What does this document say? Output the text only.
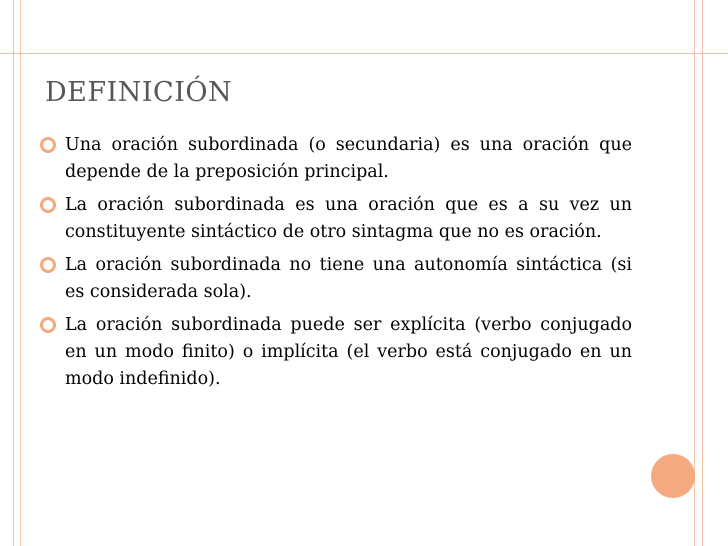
DEFINICIÓN
Una oración subordinada (o secundaria) es una oración que depende de la preposición principal.
La oración subordinada es una oración que es a su vez un constituyente sintáctico de otro sintagma que no es oración.
La oración subordinada no tiene una autonomía sintáctica (si es considerada sola).
La oración subordinada puede ser explícita (verbo conjugado en un modo finito) o implícita (el verbo está conjugado en un modo indefinido).
